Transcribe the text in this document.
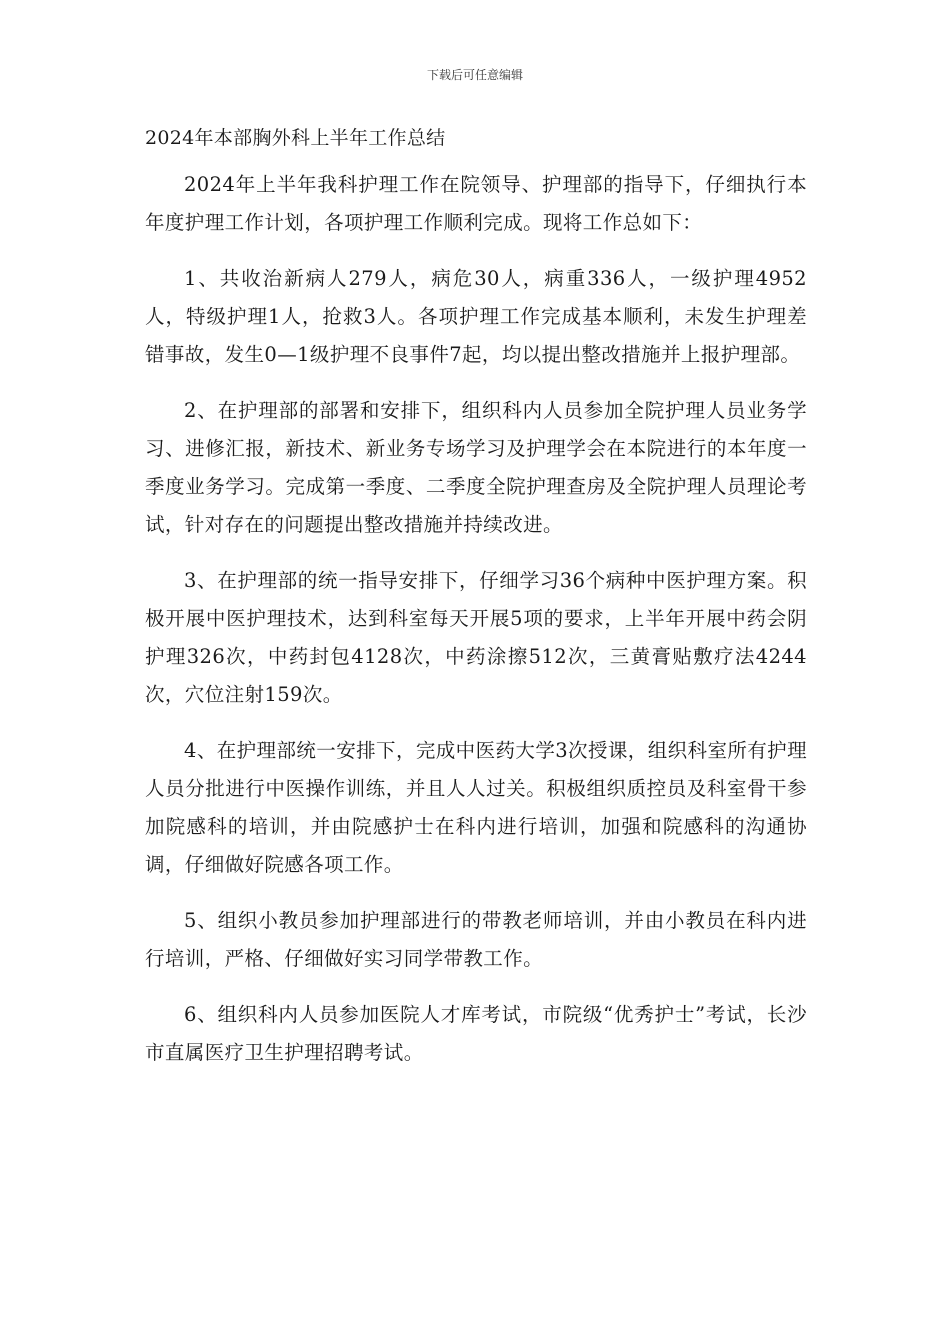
下载后可任意编辑
2024年本部胸外科上半年工作总结

2024年上半年我科护理工作在院领导、护理部的指导下，仔细执行本年度护理工作计划，各项护理工作顺利完成。现将工作总如下：

1、共收治新病人279人，病危30人，病重336人，一级护理4952人，特级护理1人，抢救3人。各项护理工作完成基本顺利，未发生护理差错事故，发生0—1级护理不良事件7起，均以提出整改措施并上报护理部。

2、在护理部的部署和安排下，组织科内人员参加全院护理人员业务学习、进修汇报，新技术、新业务专场学习及护理学会在本院进行的本年度一季度业务学习。完成第一季度、二季度全院护理查房及全院护理人员理论考试，针对存在的问题提出整改措施并持续改进。

3、在护理部的统一指导安排下，仔细学习36个病种中医护理方案。积极开展中医护理技术，达到科室每天开展5项的要求，上半年开展中药会阴护理326次，中药封包4128次，中药涂擦512次，三黄膏贴敷疗法4244次，穴位注射159次。

4、在护理部统一安排下，完成中医药大学3次授课，组织科室所有护理人员分批进行中医操作训练，并且人人过关。积极组织质控员及科室骨干参加院感科的培训，并由院感护士在科内进行培训，加强和院感科的沟通协调，仔细做好院感各项工作。

5、组织小教员参加护理部进行的带教老师培训，并由小教员在科内进行培训，严格、仔细做好实习同学带教工作。

6、组织科内人员参加医院人才库考试，市院级“优秀护士”考试，长沙市直属医疗卫生护理招聘考试。
